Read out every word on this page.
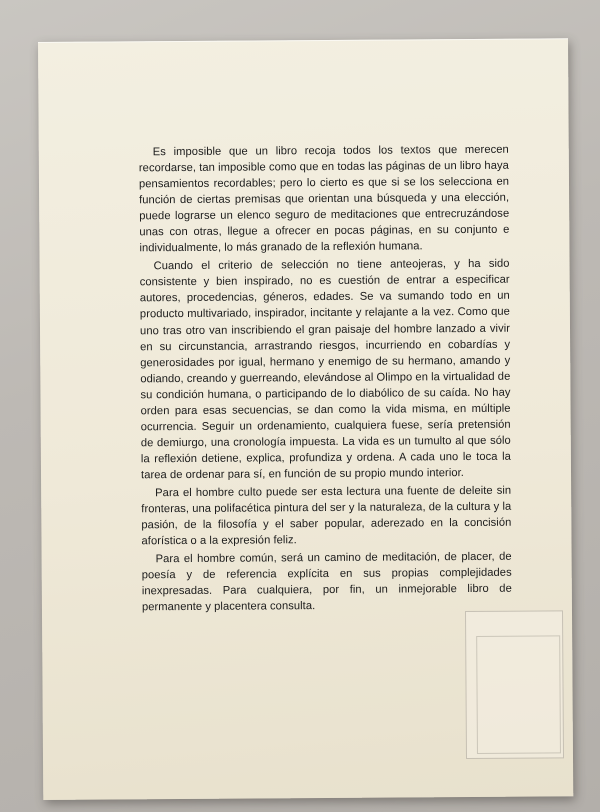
Es imposible que un libro recoja todos los textos que merecen recordarse, tan imposible como que en todas las páginas de un libro haya pensamientos recordables; pero lo cierto es que si se los selecciona en función de ciertas premisas que orientan una búsqueda y una elección, puede lograrse un elenco seguro de meditaciones que entrecruzándose unas con otras, llegue a ofrecer en pocas páginas, en su conjunto e individualmente, lo más granado de la reflexión humana.

Cuando el criterio de selección no tiene anteojeras, y ha sido consistente y bien inspirado, no es cuestión de entrar a especificar autores, procedencias, géneros, edades. Se va sumando todo en un producto multivariado, inspirador, incitante y relajante a la vez. Como que uno tras otro van inscribiendo el gran paisaje del hombre lanzado a vivir en su circunstancia, arrastrando riesgos, incurriendo en cobardías y generosidades por igual, hermano y enemigo de su hermano, amando y odiando, creando y guerreando, elevándose al Olimpo en la virtualidad de su condición humana, o participando de lo diabólico de su caída. No hay orden para esas secuencias, se dan como la vida misma, en múltiple ocurrencia. Seguir un ordenamiento, cualquiera fuese, sería pretensión de demiurgo, una cronología impuesta. La vida es un tumulto al que sólo la reflexión detiene, explica, profundiza y ordena. A cada uno le toca la tarea de ordenar para sí, en función de su propio mundo interior.

Para el hombre culto puede ser esta lectura una fuente de deleite sin fronteras, una polifacética pintura del ser y la naturaleza, de la cultura y la pasión, de la filosofía y el saber popular, aderezado en la concisión aforística o a la expresión feliz.

Para el hombre común, será un camino de meditación, de placer, de poesía y de referencia explícita en sus propias complejidades inexpresadas. Para cualquiera, por fin, un inmejorable libro de permanente y placentera consulta.
